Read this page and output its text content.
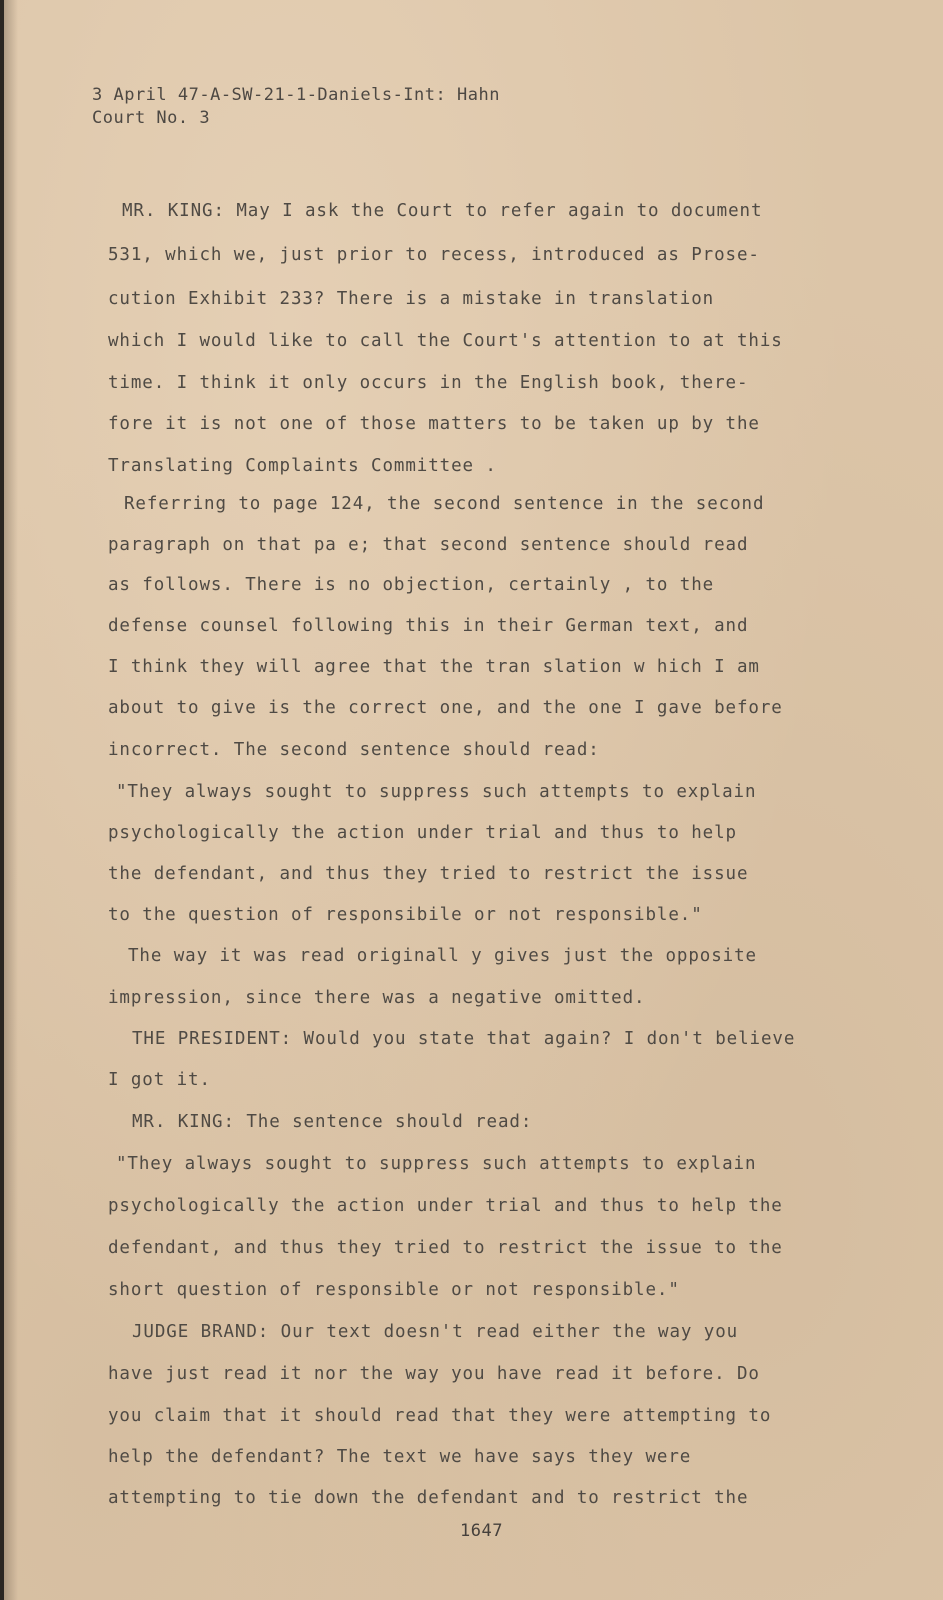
3 April 47-A-SW-21-1-Daniels-Int: Hahn
Court No. 3
MR. KING: May I ask the Court to refer again to document
531, which we, just prior to recess, introduced as Prose-
cution Exhibit 233? There is a mistake in translation
which I would like to call the Court's attention to at this
time. I think it only occurs in the English book, there-
fore it is not one of those matters to be taken up by the
Translating Complaints Committee .
Referring to page 124, the second sentence in the second
paragraph on that pa e; that second sentence should read
as follows. There is no objection, certainly , to the
defense counsel following this in their German text, and
I think they will agree that the tran slation w hich I am
about to give is the correct one, and the one I gave before
incorrect. The second sentence should read:
"They always sought to suppress such attempts to explain
psychologically the action under trial and thus to help
the defendant, and thus they tried to restrict the issue
to the question of responsibile or not responsible."
The way it was read originall y gives just the opposite
impression, since there was a negative omitted.
THE PRESIDENT: Would you state that again? I don't believe
I got it.
MR. KING: The sentence should read:
"They always sought to suppress such attempts to explain
psychologically the action under trial and thus to help the
defendant, and thus they tried to restrict the issue to the
short question of responsible or not responsible."
JUDGE BRAND: Our text doesn't read either the way you
have just read it nor the way you have read it before. Do
you claim that it should read that they were attempting to
help the defendant? The text we have says they were
attempting to tie down the defendant and to restrict the
1647
